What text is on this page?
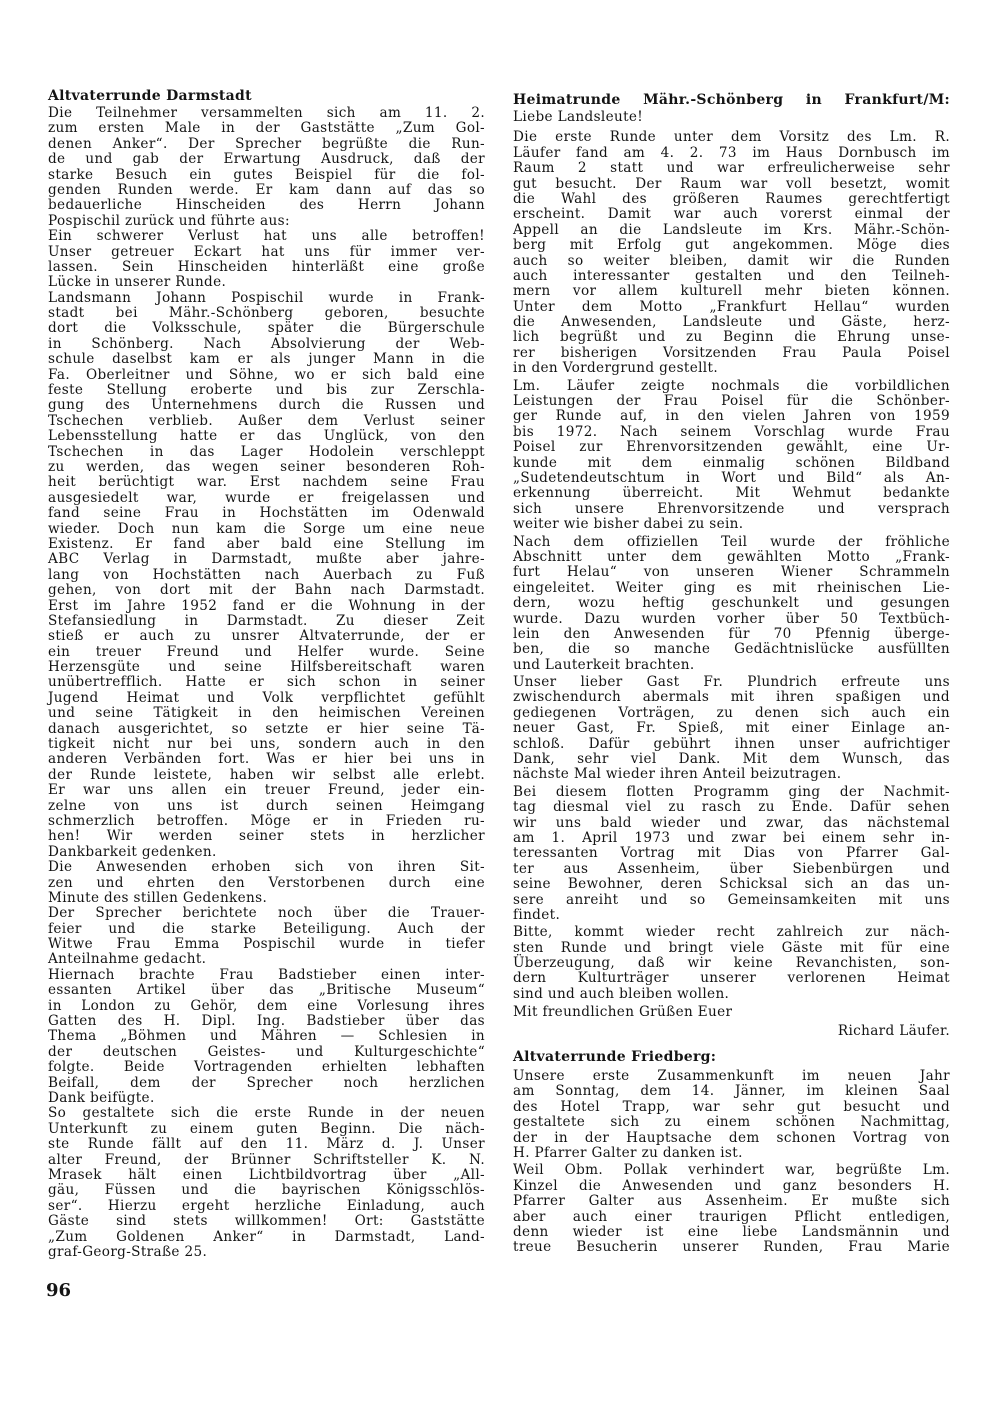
Altvaterrunde Darmstadt
Die Teilnehmer versammelten sich am 11. 2.
zum ersten Male in der Gaststätte „Zum Gol-
denen Anker“. Der Sprecher begrüßte die Run-
de und gab der Erwartung Ausdruck, daß der
starke Besuch ein gutes Beispiel für die fol-
genden Runden werde. Er kam dann auf das so
bedauerliche Hinscheiden des Herrn Johann
Pospischil zurück und führte aus:
Ein schwerer Verlust hat uns alle betroffen!
Unser getreuer Eckart hat uns für immer ver-
lassen. Sein Hinscheiden hinterläßt eine große
Lücke in unserer Runde.
Landsmann Johann Pospischil wurde in Frank-
stadt bei Mähr.-Schönberg geboren, besuchte
dort die Volksschule, später die Bürgerschule
in Schönberg. Nach Absolvierung der Web-
schule daselbst kam er als junger Mann in die
Fa. Oberleitner und Söhne, wo er sich bald eine
feste Stellung eroberte und bis zur Zerschla-
gung des Unternehmens durch die Russen und
Tschechen verblieb. Außer dem Verlust seiner
Lebensstellung hatte er das Unglück, von den
Tschechen in das Lager Hodolein verschleppt
zu werden, das wegen seiner besonderen Roh-
heit berüchtigt war. Erst nachdem seine Frau
ausgesiedelt war, wurde er freigelassen und
fand seine Frau in Hochstätten im Odenwald
wieder. Doch nun kam die Sorge um eine neue
Existenz. Er fand aber bald eine Stellung im
ABC Verlag in Darmstadt, mußte aber jahre-
lang von Hochstätten nach Auerbach zu Fuß
gehen, von dort mit der Bahn nach Darmstadt.
Erst im Jahre 1952 fand er die Wohnung in der
Stefansiedlung in Darmstadt. Zu dieser Zeit
stieß er auch zu unsrer Altvaterrunde, der er
ein treuer Freund und Helfer wurde. Seine
Herzensgüte und seine Hilfsbereitschaft waren
unübertrefflich. Hatte er sich schon in seiner
Jugend Heimat und Volk verpflichtet gefühlt
und seine Tätigkeit in den heimischen Vereinen
danach ausgerichtet, so setzte er hier seine Tä-
tigkeit nicht nur bei uns, sondern auch in den
anderen Verbänden fort. Was er hier bei uns in
der Runde leistete, haben wir selbst alle erlebt.
Er war uns allen ein treuer Freund, jeder ein-
zelne von uns ist durch seinen Heimgang
schmerzlich betroffen. Möge er in Frieden ru-
hen! Wir werden seiner stets in herzlicher
Dankbarkeit gedenken.
Die Anwesenden erhoben sich von ihren Sit-
zen und ehrten den Verstorbenen durch eine
Minute des stillen Gedenkens.
Der Sprecher berichtete noch über die Trauer-
feier und die starke Beteiligung. Auch der
Witwe Frau Emma Pospischil wurde in tiefer
Anteilnahme gedacht.
Hiernach brachte Frau Badstieber einen inter-
essanten Artikel über das „Britische Museum“
in London zu Gehör, dem eine Vorlesung ihres
Gatten des H. Dipl. Ing. Badstieber über das
Thema „Böhmen und Mähren — Schlesien in
der deutschen Geistes- und Kulturgeschichte“
folgte. Beide Vortragenden erhielten lebhaften
Beifall, dem der Sprecher noch herzlichen
Dank beifügte.
So gestaltete sich die erste Runde in der neuen
Unterkunft zu einem guten Beginn. Die näch-
ste Runde fällt auf den 11. März d. J. Unser
alter Freund, der Brünner Schriftsteller K. N.
Mrasek hält einen Lichtbildvortrag über „All-
gäu, Füssen und die bayrischen Königsschlös-
ser“. Hierzu ergeht herzliche Einladung, auch
Gäste sind stets willkommen! Ort: Gaststätte
„Zum Goldenen Anker“ in Darmstadt, Land-
graf-Georg-Straße 25.
Heimatrunde Mähr.-Schönberg in Frankfurt/M:
Liebe Landsleute!
Die erste Runde unter dem Vorsitz des Lm. R.
Läufer fand am 4. 2. 73 im Haus Dornbusch im
Raum 2 statt und war erfreulicherweise sehr
gut besucht. Der Raum war voll besetzt, womit
die Wahl des größeren Raumes gerechtfertigt
erscheint. Damit war auch vorerst einmal der
Appell an die Landsleute im Krs. Mähr.-Schön-
berg mit Erfolg gut angekommen. Möge dies
auch so weiter bleiben, damit wir die Runden
auch interessanter gestalten und den Teilneh-
mern vor allem kulturell mehr bieten können.
Unter dem Motto „Frankfurt Hellau“ wurden
die Anwesenden, Landsleute und Gäste, herz-
lich begrüßt und zu Beginn die Ehrung unse-
rer bisherigen Vorsitzenden Frau Paula Poisel
in den Vordergrund gestellt.
Lm. Läufer zeigte nochmals die vorbildlichen
Leistungen der Frau Poisel für die Schönber-
ger Runde auf, in den vielen Jahren von 1959
bis 1972. Nach seinem Vorschlag wurde Frau
Poisel zur Ehrenvorsitzenden gewählt, eine Ur-
kunde mit dem einmalig schönen Bildband
„Sudetendeutschtum in Wort und Bild“ als An-
erkennung überreicht. Mit Wehmut bedankte
sich unsere Ehrenvorsitzende und versprach
weiter wie bisher dabei zu sein.
Nach dem offiziellen Teil wurde der fröhliche
Abschnitt unter dem gewählten Motto „Frank-
furt Helau“ von unseren Wiener Schrammeln
eingeleitet. Weiter ging es mit rheinischen Lie-
dern, wozu heftig geschunkelt und gesungen
wurde. Dazu wurden vorher über 50 Textbüch-
lein den Anwesenden für 70 Pfennig überge-
ben, die so manche Gedächtnislücke ausfüllten
und Lauterkeit brachten.
Unser lieber Gast Fr. Plundrich erfreute uns
zwischendurch abermals mit ihren spaßigen und
gediegenen Vorträgen, zu denen sich auch ein
neuer Gast, Fr. Spieß, mit einer Einlage an-
schloß. Dafür gebührt ihnen unser aufrichtiger
Dank, sehr viel Dank. Mit dem Wunsch, das
nächste Mal wieder ihren Anteil beizutragen.
Bei diesem flotten Programm ging der Nachmit-
tag diesmal viel zu rasch zu Ende. Dafür sehen
wir uns bald wieder und zwar, das nächstemal
am 1. April 1973 und zwar bei einem sehr in-
teressanten Vortrag mit Dias von Pfarrer Gal-
ter aus Assenheim, über Siebenbürgen und
seine Bewohner, deren Schicksal sich an das un-
sere anreiht und so Gemeinsamkeiten mit uns
findet.
Bitte, kommt wieder recht zahlreich zur näch-
sten Runde und bringt viele Gäste mit für eine
Überzeugung, daß wir keine Revanchisten, son-
dern Kulturträger unserer verlorenen Heimat
sind und auch bleiben wollen.
Mit freundlichen Grüßen Euer
Richard Läufer.
Altvaterrunde Friedberg:
Unsere erste Zusammenkunft im neuen Jahr
am Sonntag, dem 14. Jänner, im kleinen Saal
des Hotel Trapp, war sehr gut besucht und
gestaltete sich zu einem schönen Nachmittag,
der in der Hauptsache dem schonen Vortrag von
H. Pfarrer Galter zu danken ist.
Weil Obm. Pollak verhindert war, begrüßte Lm.
Kinzel die Anwesenden und ganz besonders H.
Pfarrer Galter aus Assenheim. Er mußte sich
aber auch einer traurigen Pflicht entledigen,
denn wieder ist eine liebe Landsmännin und
treue Besucherin unserer Runden, Frau Marie
96
